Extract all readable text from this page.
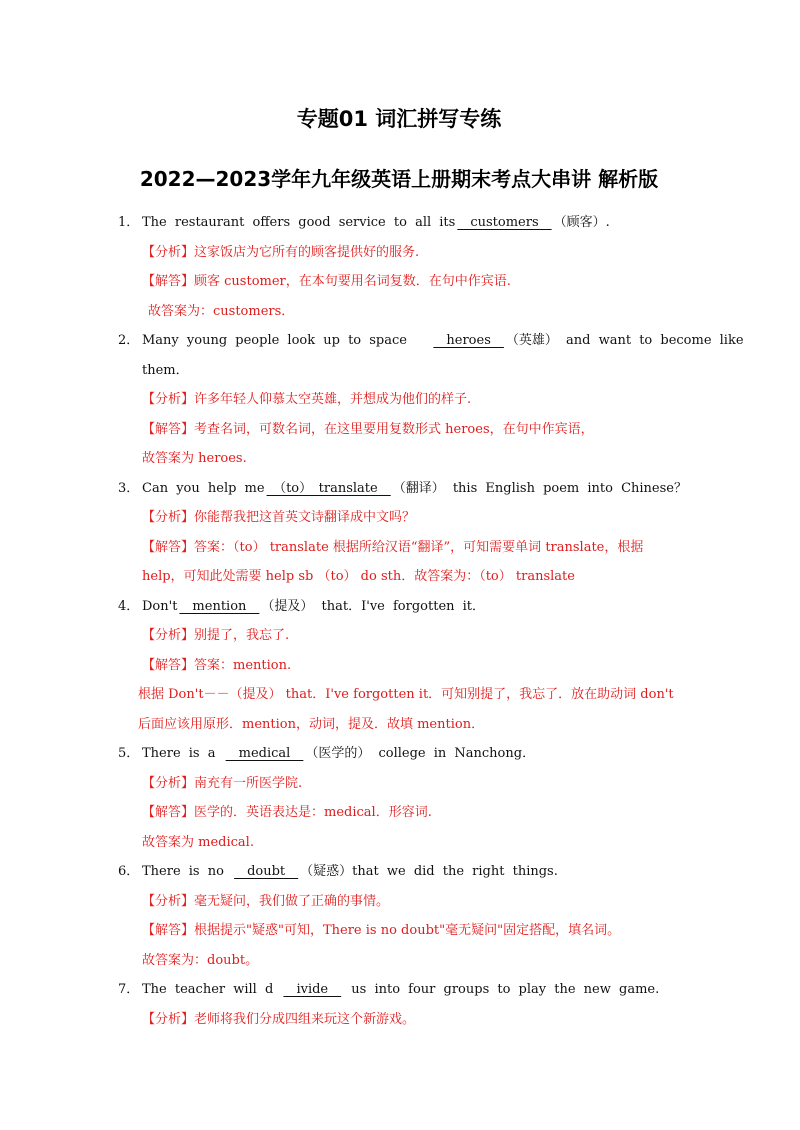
专题01 词汇拼写专练
2022—2023学年九年级英语上册期末考点大串讲 解析版
1． The restaurant offers good service to all its　customers　（顾客）.
【分析】这家饭店为它所有的顾客提供好的服务.
【解答】顾客 customer，在本句要用名词复数．在句中作宾语.
故答案为：customers．
2． Many young people look up to space   　heroes　（英雄） and want to become like
them．
【分析】许多年轻人仰慕太空英雄，并想成为他们的样子.
【解答】考查名词，可数名词，在这里要用复数形式 heroes，在句中作宾语，
故答案为 heroes.
3． Can you help me　（to）　translate　（翻译） this English poem into Chinese？
【分析】你能帮我把这首英文诗翻译成中文吗？
【解答】答案：（to） translate 根据所给汉语“翻译”，可知需要单词 translate，根据
help，可知此处需要 help sb （to） do sth．故答案为：（to） translate
4． Don't　mention　（提及） that．I've forgotten it．
【分析】别提了，我忘了.
【解答】答案：mention.
根据 Don't－－（提及） that．I've forgotten it．可知别提了，我忘了．放在助动词 don't
后面应该用原形．mention，动词，提及．故填 mention．
5． There is a 　medical　（医学的） college in Nanchong．
【分析】南充有一所医学院.
【解答】医学的．英语表达是：medical．形容词.
故答案为 medical.
6． There is no 　doubt　（疑惑）that we did the right things.
【分析】毫无疑问，我们做了正确的事情。
【解答】根据提示"疑惑"可知，There is no doubt"毫无疑问"固定搭配，填名词。
故答案为：doubt。
7． The teacher will d 　ivide　 us into four groups to play the new game.
【分析】老师将我们分成四组来玩这个新游戏。
